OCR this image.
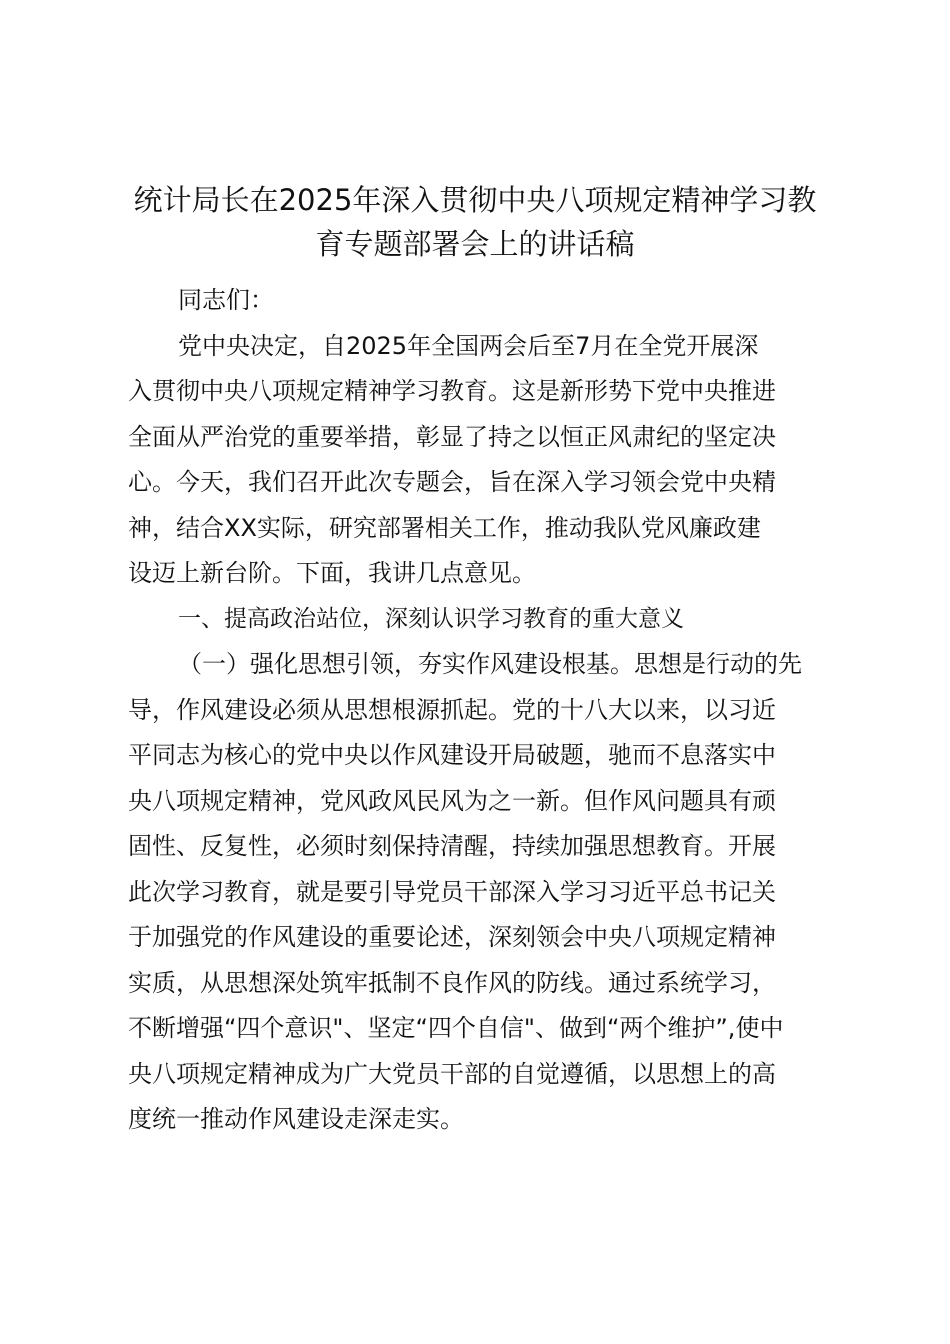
统计局长在2025年深入贯彻中央八项规定精神学习教
育专题部署会上的讲话稿
同志们：
党中央决定，自2025年全国两会后至7月在全党开展深
入贯彻中央八项规定精神学习教育。这是新形势下党中央推进
全面从严治党的重要举措，彰显了持之以恒正风肃纪的坚定决
心。今天，我们召开此次专题会，旨在深入学习领会党中央精
神，结合XX实际，研究部署相关工作，推动我队党风廉政建
设迈上新台阶。下面，我讲几点意见。
一、提高政治站位，深刻认识学习教育的重大意义
（一）强化思想引领，夯实作风建设根基。思想是行动的先
导，作风建设必须从思想根源抓起。党的十八大以来，以习近
平同志为核心的党中央以作风建设开局破题，驰而不息落实中
央八项规定精神，党风政风民风为之一新。但作风问题具有顽
固性、反复性，必须时刻保持清醒，持续加强思想教育。开展
此次学习教育，就是要引导党员干部深入学习习近平总书记关
于加强党的作风建设的重要论述，深刻领会中央八项规定精神
实质，从思想深处筑牢抵制不良作风的防线。通过系统学习，
不断增强“四个意识"、坚定“四个自信"、做到“两个维护”,使中
央八项规定精神成为广大党员干部的自觉遵循，以思想上的高
度统一推动作风建设走深走实。
